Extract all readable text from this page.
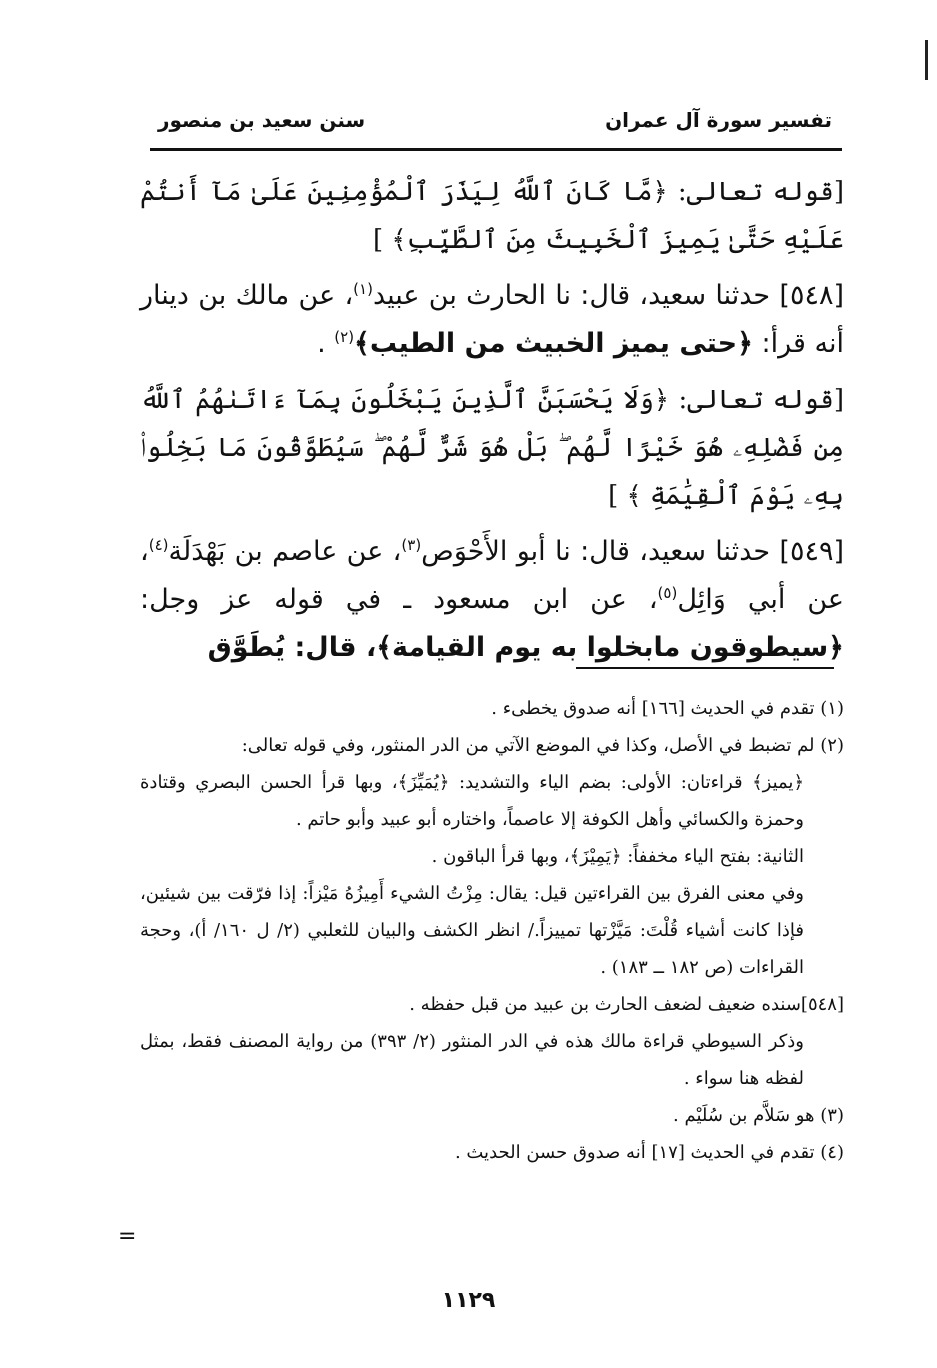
تفسير سورة آل عمران
سنن سعيد بن منصور

[قوله تعالى: ﴿مَّا كَانَ ٱللَّهُ لِيَذَرَ ٱلْمُؤْمِنِينَ عَلَىٰ مَآ أَنتُمْ عَلَيْهِ حَتَّىٰ يَمِيزَ ٱلْخَبِيثَ مِنَ ٱلطَّيِّبِ﴾ ]

[٥٤٨] حدثنا سعيد، قال: نا الحارث بن عبيد$^{(١)}$، عن مالك بن دينار أنه قرأ: ﴿حتى يميز الخبيث من الطيب﴾$^{(٢)}$ .

[قوله تعالى: ﴿وَلَا يَحْسَبَنَّ ٱلَّذِينَ يَبْخَلُونَ بِمَآ ءَاتَىٰهُمُ ٱللَّهُ مِن فَضْلِهِۦ هُوَ خَيْرًا لَّهُم ۖ بَلْ هُوَ شَرٌّ لَّهُمْ ۖ سَيُطَوَّقُونَ مَا بَخِلُوا۟ بِهِۦ يَوْمَ ٱلْقِيَٰمَةِ ﴾ ]

[٥٤٩] حدثنا سعيد، قال: نا أبو الأَحْوَص$^{(٣)}$، عن عاصم بن بَهْدَلَة$^{(٤)}$، عن أبي وَائِل$^{(٥)}$، عن ابن مسعود ـ في قوله عز وجل: ﴿سيطوقون مابخلوا به يوم القيامة﴾، قال: يُطَوَّق

(١) تقدم في الحديث [١٦٦] أنه صدوق يخطىء .

(٢) لم تضبط في الأصل، وكذا في الموضع الآتي من الدر المنثور، وفي قوله تعالى:

﴿يميز﴾ قراءتان: الأولى: بضم الياء والتشديد: ﴿يُمَيِّزَ﴾، وبها قرأ الحسن البصري وقتادة وحمزة والكسائي وأهل الكوفة إلا عاصماً، واختاره أبو عبيد وأبو حاتم .

الثانية: بفتح الياء مخففاً: ﴿يَمِيْزَ﴾، وبها قرأ الباقون .

وفي معنى الفرق بين القراءتين قيل: يقال: مِزْتُ الشيء أَمِيزُهُ مَيْزاً: إذا فرّقت بين شيئين، فإذا كانت أشياء قُلْتَ: مَيَّزْتها تمييزاً./ انظر الكشف والبيان للثعلبي (٢/ ل ١٦٠/ أ)، وحجة القراءات (ص ١٨٢ ــ ١٨٣) .

[٥٤٨]سنده ضعيف لضعف الحارث بن عبيد من قبل حفظه .

وذكر السيوطي قراءة مالك هذه في الدر المنثور (٢/ ٣٩٣) من رواية المصنف فقط، بمثل لفظه هنا سواء .

(٣) هو سَلاَّم بن سُلَيْم .

(٤) تقدم في الحديث [١٧] أنه صدوق حسن الحديث .

=
١١٢٩
